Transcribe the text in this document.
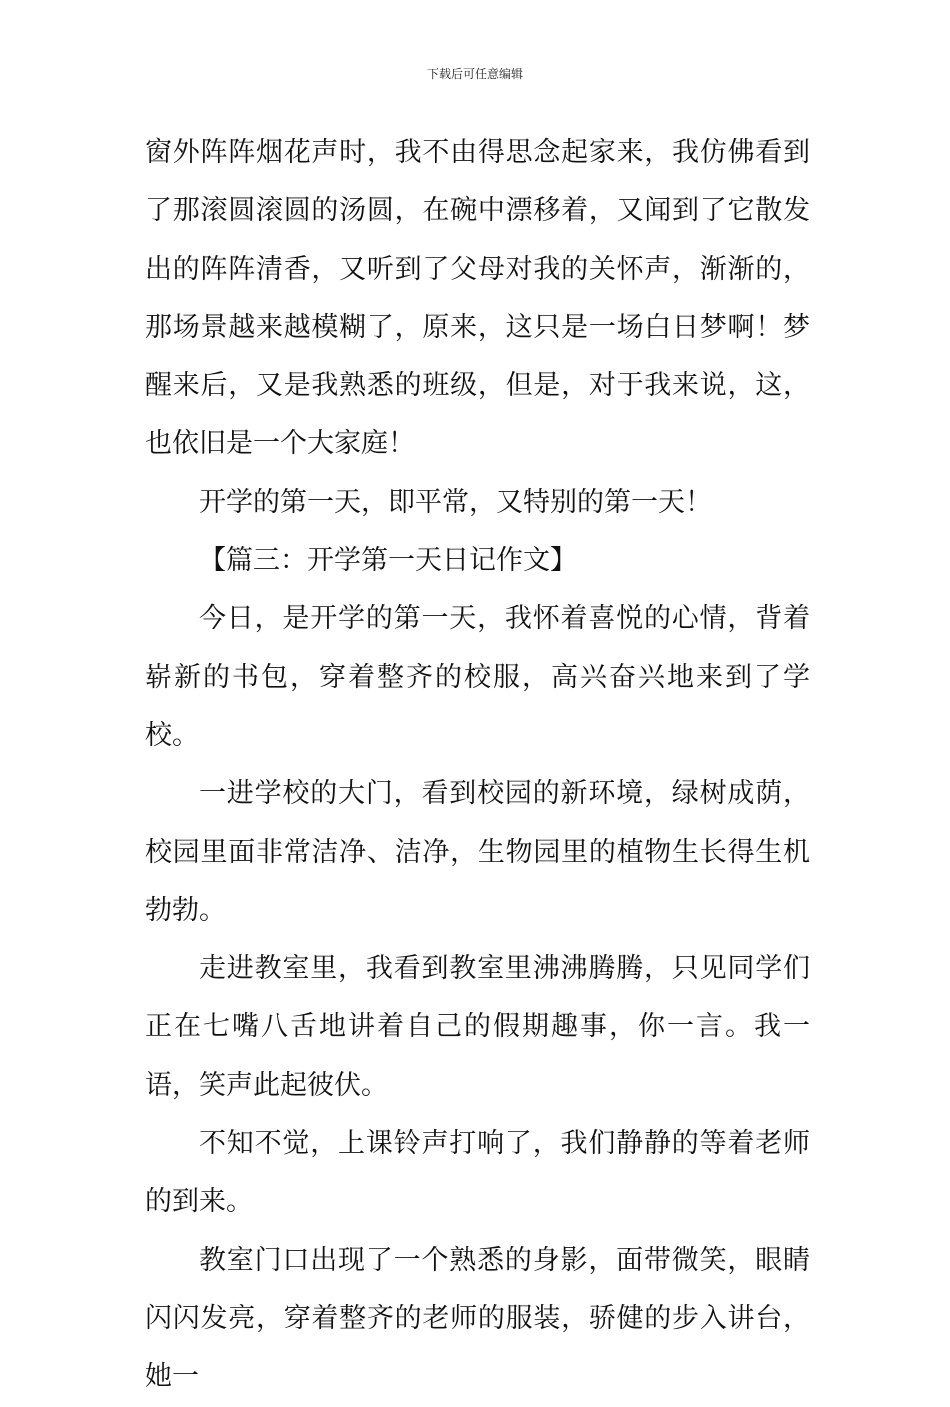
下载后可任意编辑

窗外阵阵烟花声时，我不由得思念起家来，我仿佛看到了那滚圆滚圆的汤圆，在碗中漂移着，又闻到了它散发出的阵阵清香，又听到了父母对我的关怀声，渐渐的，那场景越来越模糊了，原来，这只是一场白日梦啊！梦醒来后，又是我熟悉的班级，但是，对于我来说，这，也依旧是一个大家庭！

开学的第一天，即平常，又特别的第一天！

【篇三：开学第一天日记作文】

今日，是开学的第一天，我怀着喜悦的心情，背着崭新的书包，穿着整齐的校服，高兴奋兴地来到了学校。

一进学校的大门，看到校园的新环境，绿树成荫，校园里面非常洁净、洁净，生物园里的植物生长得生机勃勃。

走进教室里，我看到教室里沸沸腾腾，只见同学们正在七嘴八舌地讲着自己的假期趣事，你一言。我一语，笑声此起彼伏。

不知不觉，上课铃声打响了，我们静静的等着老师的到来。

教室门口出现了一个熟悉的身影，面带微笑，眼睛闪闪发亮，穿着整齐的老师的服装，骄健的步入讲台，她一
